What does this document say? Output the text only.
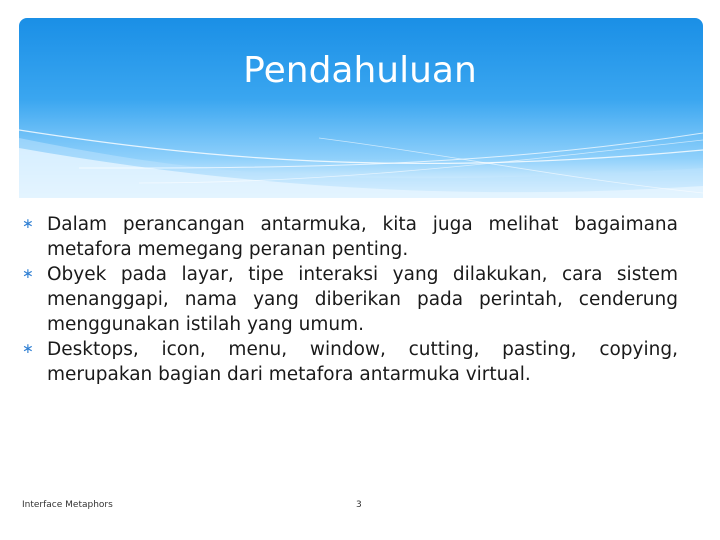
Pendahuluan
∗ Dalam perancangan antarmuka, kita juga melihat bagaimana metafora memegang peranan penting.
∗ Obyek pada layar, tipe interaksi yang dilakukan, cara sistem menanggapi, nama yang diberikan pada perintah, cenderung menggunakan istilah yang umum.
∗ Desktops, icon, menu, window, cutting, pasting, copying, merupakan bagian dari metafora antarmuka virtual.
Interface Metaphors	3
